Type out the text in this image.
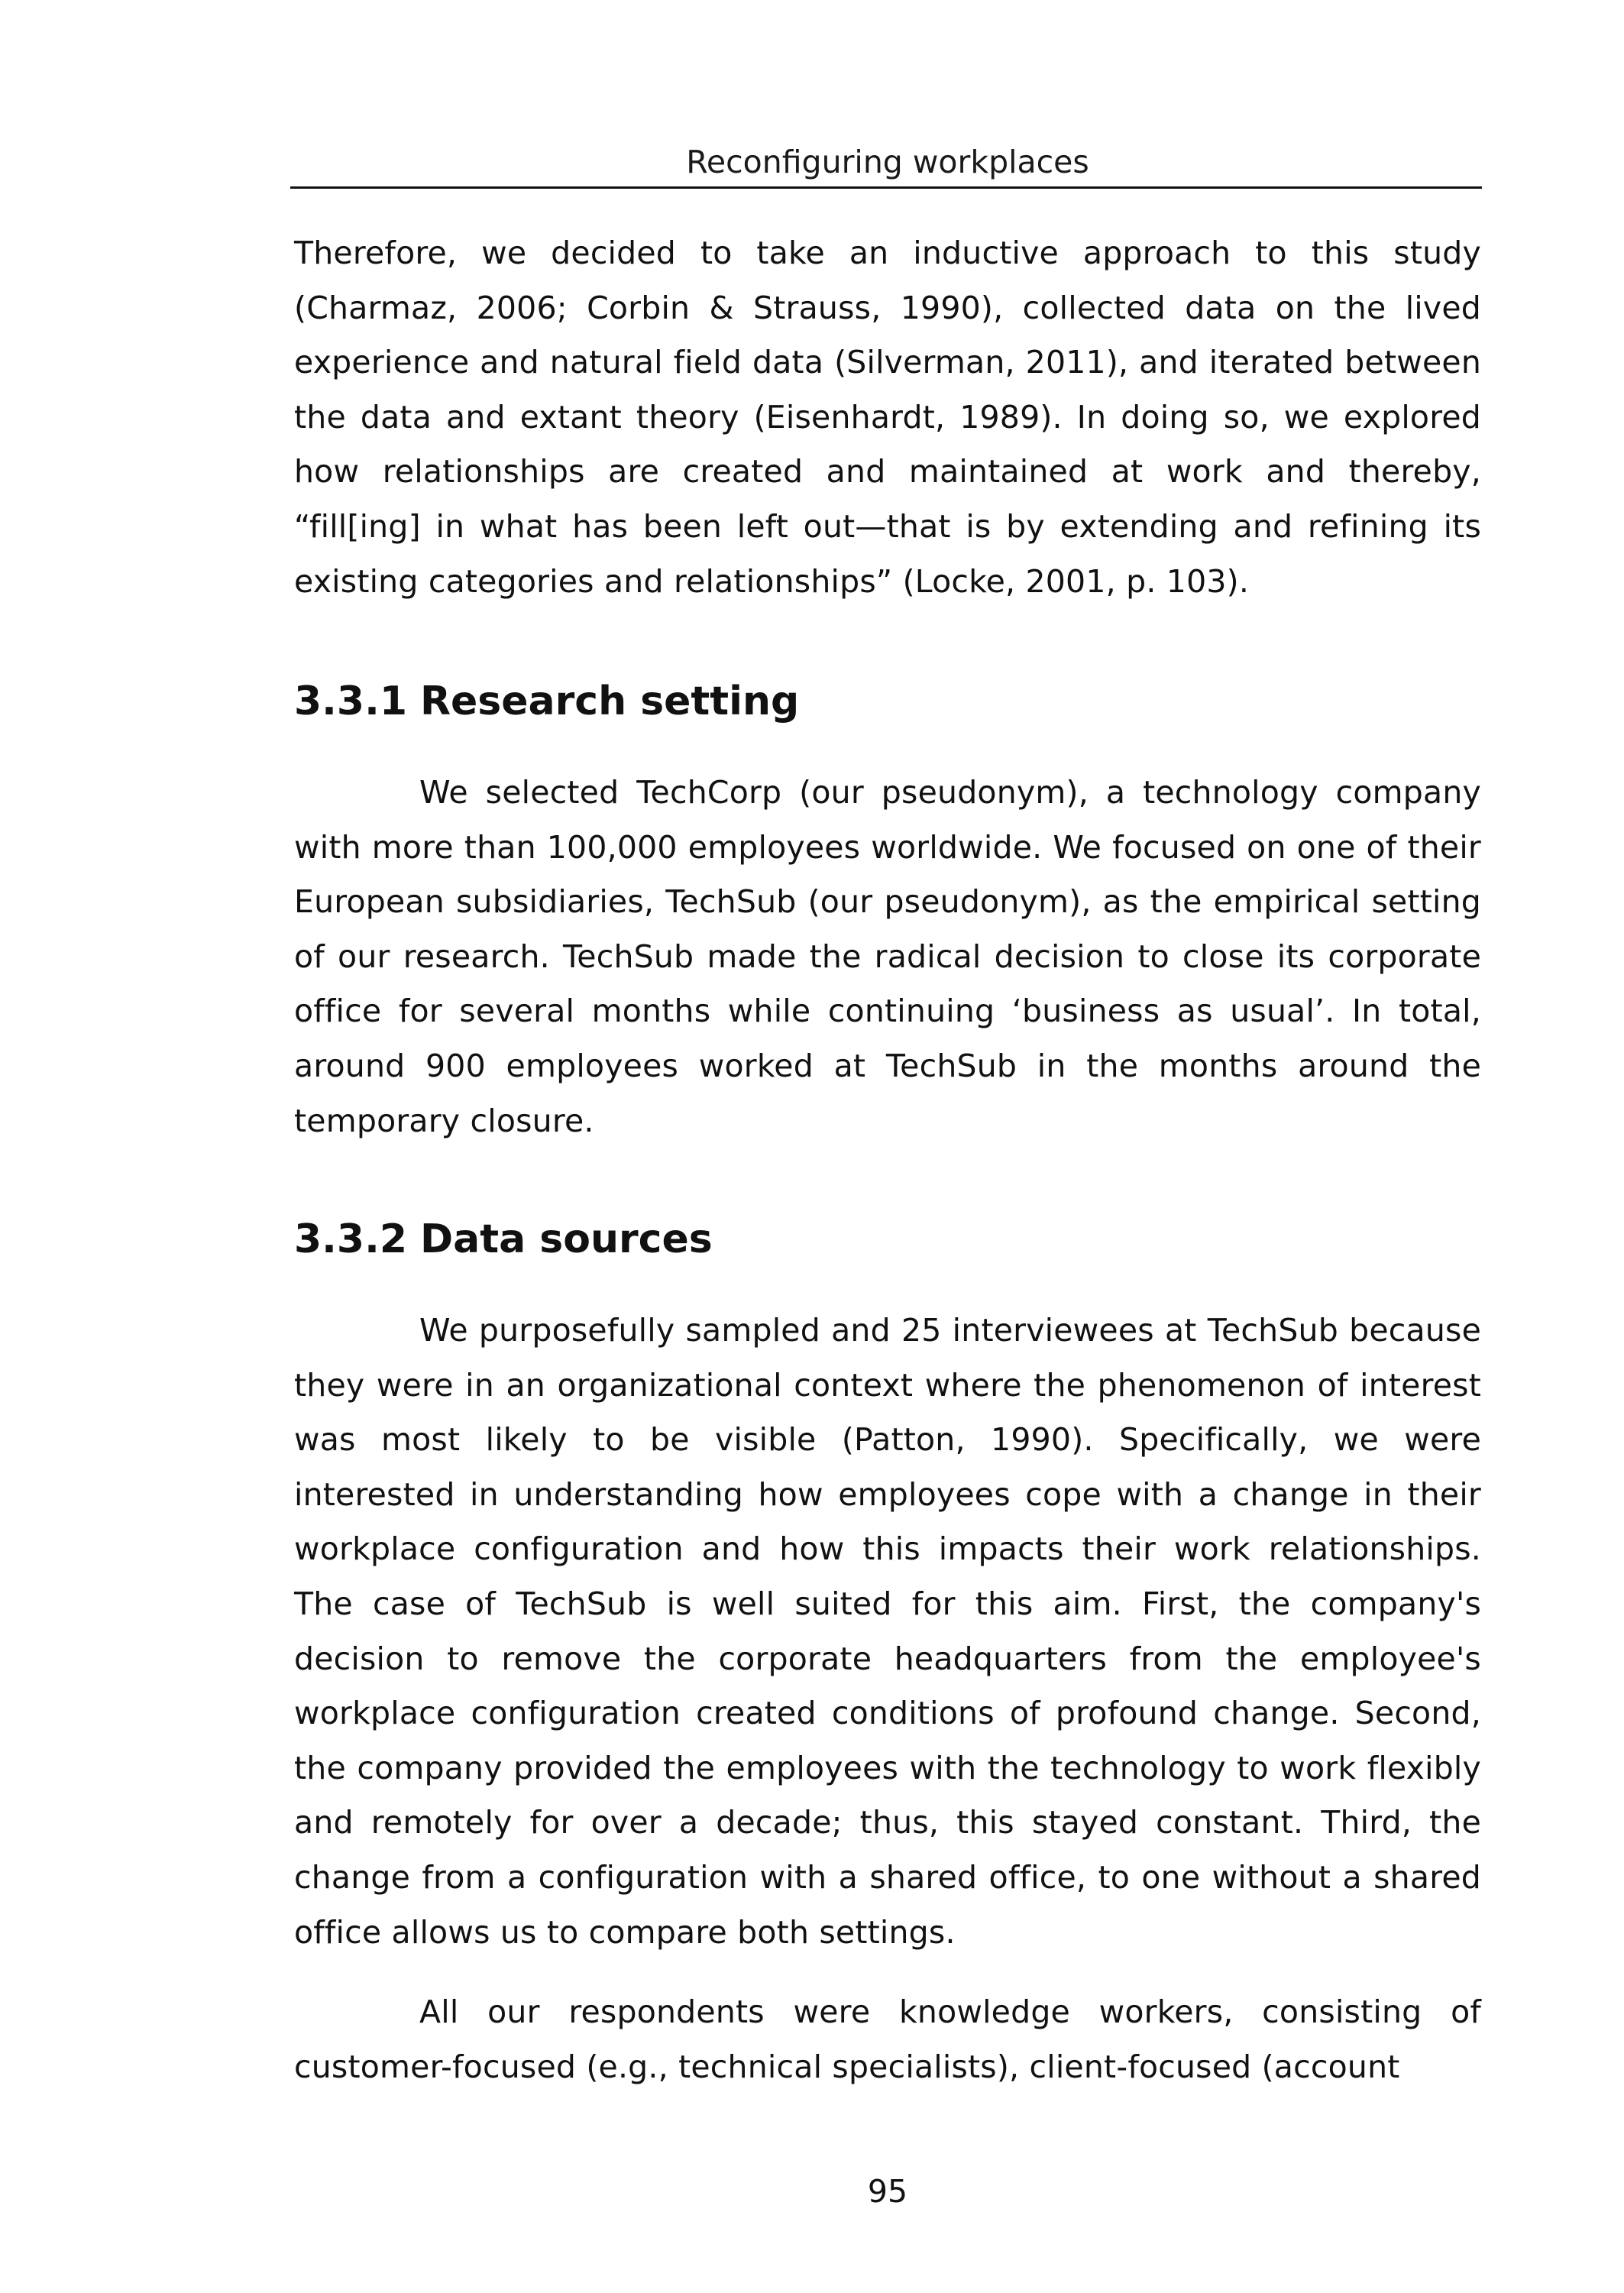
Reconfiguring workplaces

Therefore, we decided to take an inductive approach to this study (Charmaz, 2006; Corbin & Strauss, 1990), collected data on the lived experience and natural field data (Silverman, 2011), and iterated between the data and extant theory (Eisenhardt, 1989). In doing so, we explored how relationships are created and maintained at work and thereby, “fill[ing] in what has been left out—that is by extending and refining its existing categories and relationships” (Locke, 2001, p. 103).

3.3.1 Research setting

We selected TechCorp (our pseudonym), a technology company with more than 100,000 employees worldwide. We focused on one of their European subsidiaries, TechSub (our pseudonym), as the empirical setting of our research. TechSub made the radical decision to close its corporate office for several months while continuing ‘business as usual’. In total, around 900 employees worked at TechSub in the months around the temporary closure.

3.3.2 Data sources

We purposefully sampled and 25 interviewees at TechSub because they were in an organizational context where the phenomenon of interest was most likely to be visible (Patton, 1990). Specifically, we were interested in understanding how employees cope with a change in their workplace configuration and how this impacts their work relationships. The case of TechSub is well suited for this aim. First, the company's decision to remove the corporate headquarters from the employee's workplace configuration created conditions of profound change. Second, the company provided the employees with the technology to work flexibly and remotely for over a decade; thus, this stayed constant. Third, the change from a configuration with a shared office, to one without a shared office allows us to compare both settings.

All our respondents were knowledge workers, consisting of customer-focused (e.g., technical specialists), client-focused (account

95
